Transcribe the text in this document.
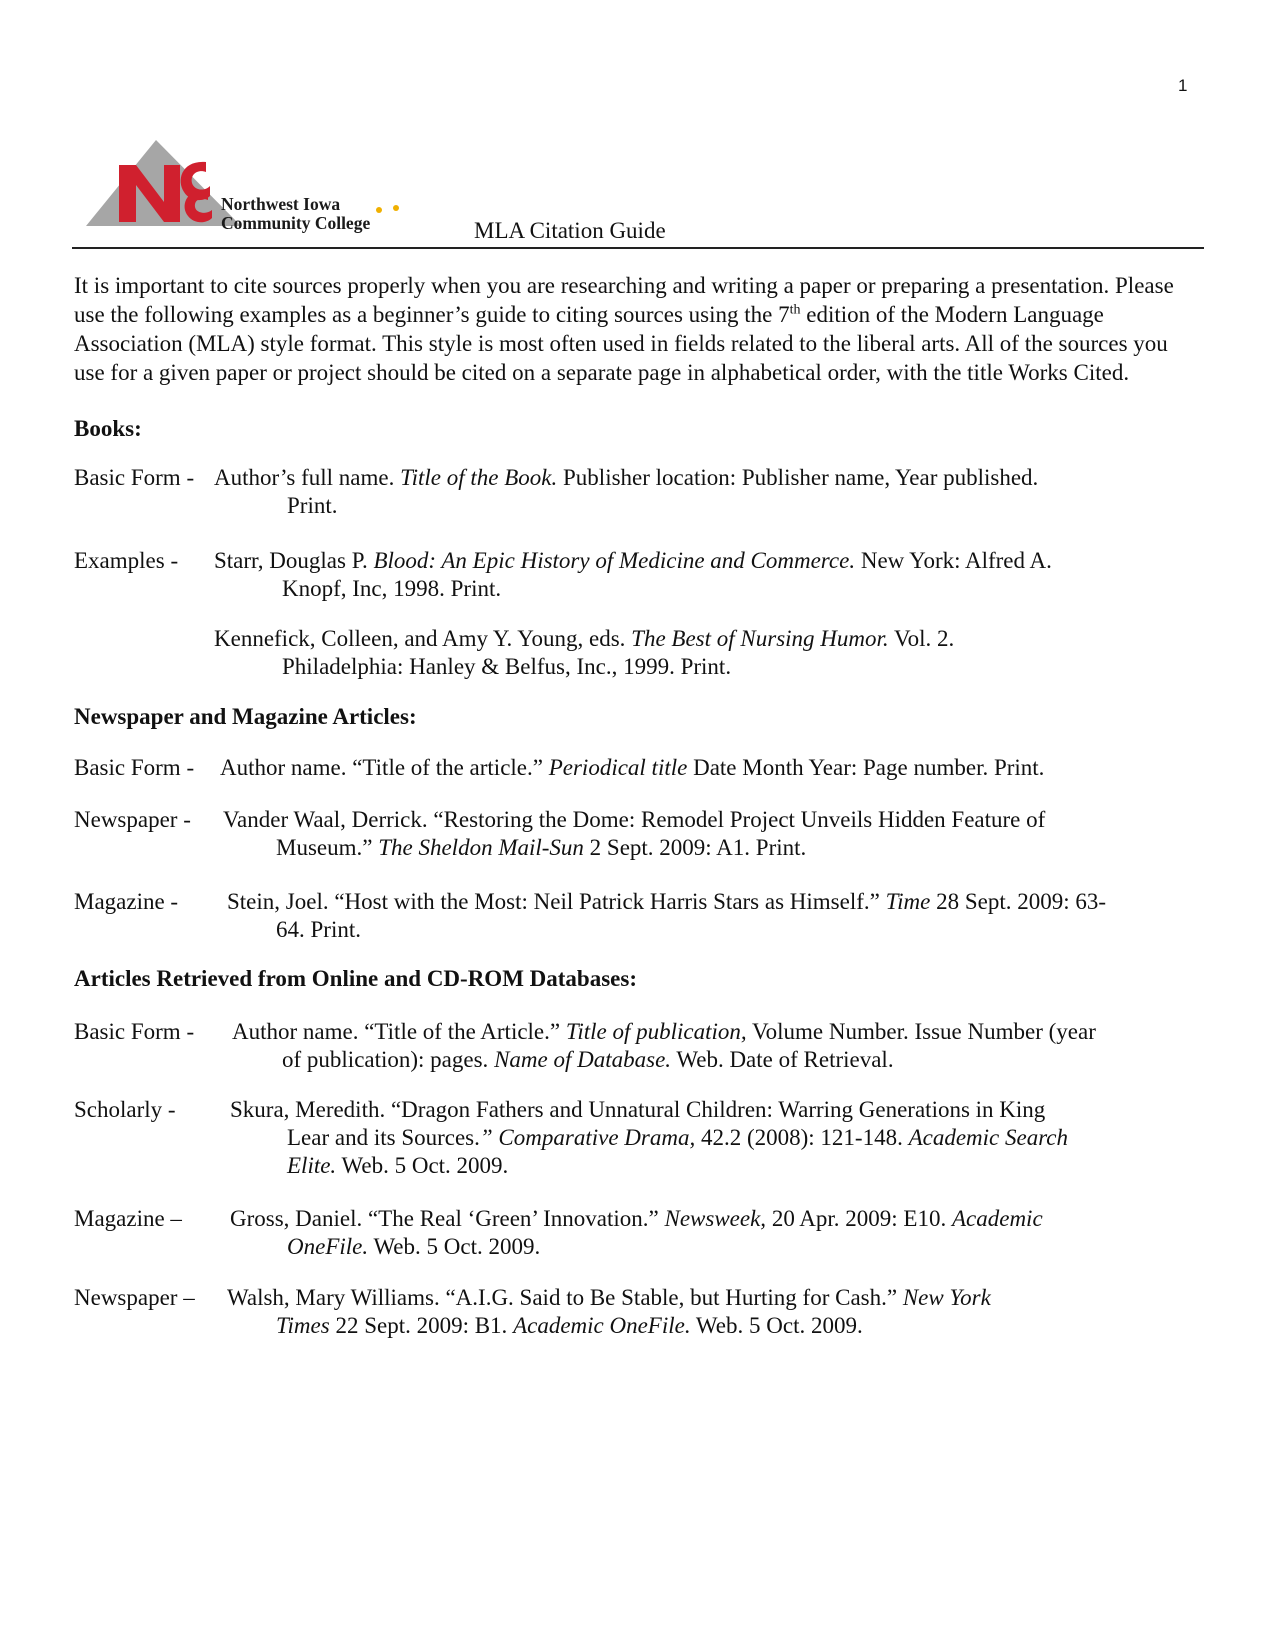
1
Northwest Iowa
Community College	MLA Citation Guide

It is important to cite sources properly when you are researching and writing a paper or preparing a presentation. Please use the following examples as a beginner’s guide to citing sources using the 7th edition of the Modern Language Association (MLA) style format. This style is most often used in fields related to the liberal arts. All of the sources you use for a given paper or project should be cited on a separate page in alphabetical order, with the title Works Cited.

Books:
Basic Form - Author’s full name. Title of the Book. Publisher location: Publisher name, Year published.
Print.
Examples - Starr, Douglas P. Blood: An Epic History of Medicine and Commerce. New York: Alfred A.
Knopf, Inc, 1998. Print.
Kennefick, Colleen, and Amy Y. Young, eds. The Best of Nursing Humor. Vol. 2.
Philadelphia: Hanley & Belfus, Inc., 1999. Print.
Newspaper and Magazine Articles:
Basic Form - Author name. “Title of the article.” Periodical title Date Month Year: Page number. Print.
Newspaper - Vander Waal, Derrick. “Restoring the Dome: Remodel Project Unveils Hidden Feature of
Museum.” The Sheldon Mail-Sun 2 Sept. 2009: A1. Print.
Magazine - Stein, Joel. “Host with the Most: Neil Patrick Harris Stars as Himself.” Time 28 Sept. 2009: 63-
64. Print.
Articles Retrieved from Online and CD-ROM Databases:
Basic Form - Author name. “Title of the Article.” Title of publication, Volume Number. Issue Number (year
of publication): pages. Name of Database. Web. Date of Retrieval.
Scholarly - Skura, Meredith. “Dragon Fathers and Unnatural Children: Warring Generations in King
Lear and its Sources.” Comparative Drama, 42.2 (2008): 121-148. Academic Search
Elite. Web. 5 Oct. 2009.
Magazine – Gross, Daniel. “The Real ‘Green’ Innovation.” Newsweek, 20 Apr. 2009: E10. Academic
OneFile. Web. 5 Oct. 2009.
Newspaper – Walsh, Mary Williams. “A.I.G. Said to Be Stable, but Hurting for Cash.” New York
Times 22 Sept. 2009: B1. Academic OneFile. Web. 5 Oct. 2009.
